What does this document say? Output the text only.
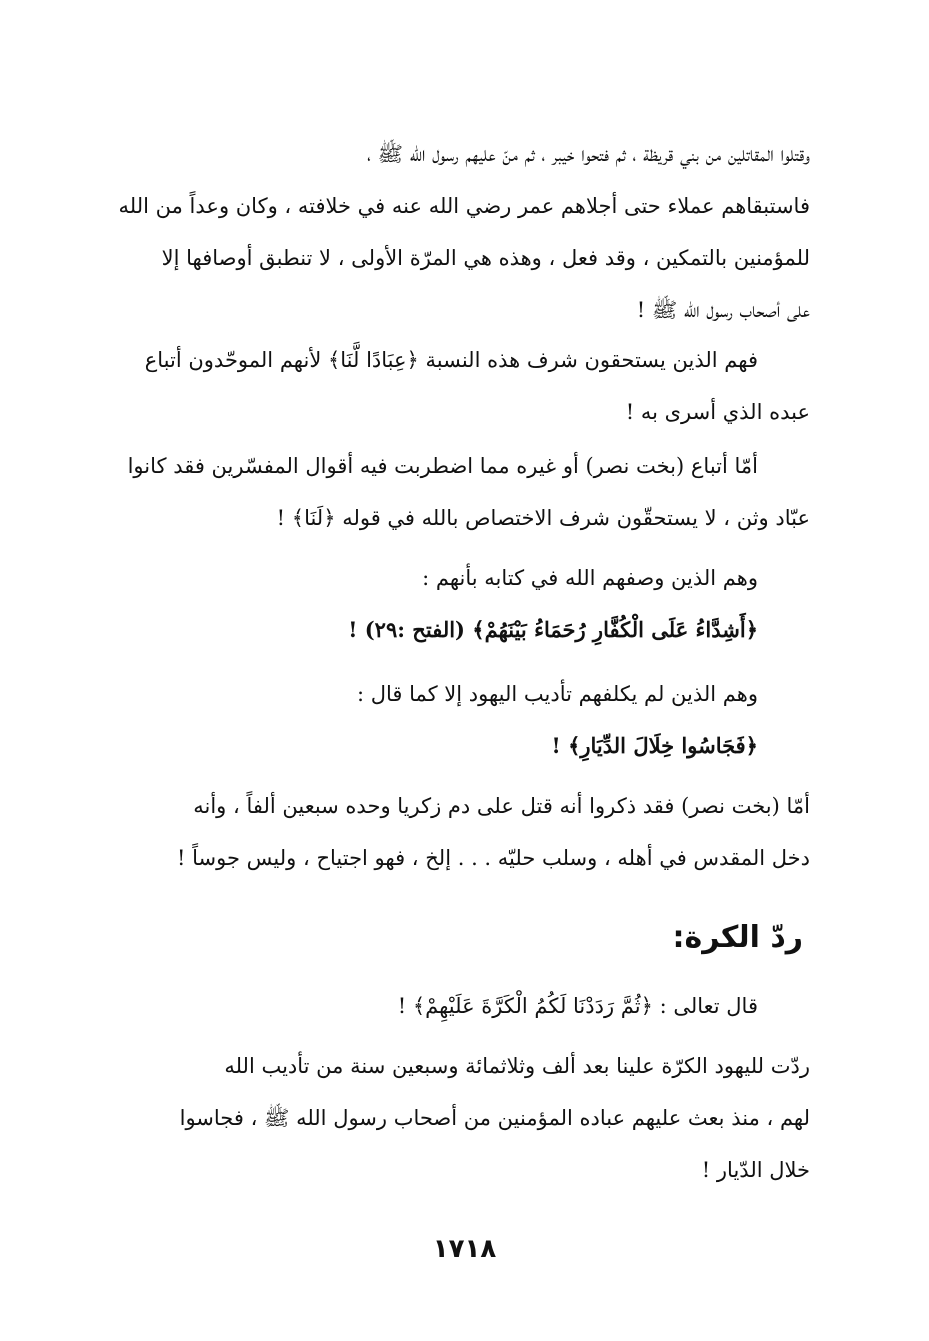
وقتلوا المقاتلين من بني قريظة ، ثم فتحوا خيبر ، ثم منّ عليهم رسول الله ﷺ ،
فاستبقاهم عملاء حتى أجلاهم عمر رضي الله عنه في خلافته ، وكان وعداً من الله
للمؤمنين بالتمكين ، وقد فعل ، وهذه هي المرّة الأولى ، لا تنطبق أوصافها إلا
على أصحاب رسول الله ﷺ !
فهم الذين يستحقون شرف هذه النسبة ﴿عِبَادًا لَّنَا﴾ لأنهم الموحّدون أتباع
عبده الذي أسرى به !
أمّا أتباع (بخت نصر) أو غيره مما اضطربت فيه أقوال المفسّرين فقد كانوا
عبّاد وثن ، لا يستحقّون شرف الاختصاص بالله في قوله ﴿لَنَا﴾ !
وهم الذين وصفهم الله في كتابه بأنهم :
﴿أَشِدَّاءُ عَلَى الْكُفَّارِ رُحَمَاءُ بَيْنَهُمْ﴾ (الفتح :٢٩) !
وهم الذين لم يكلفهم تأديب اليهود إلا كما قال :
﴿فَجَاسُوا خِلَالَ الدِّيَارِ﴾ !
أمّا (بخت نصر) فقد ذكروا أنه قتل على دم زكريا وحده سبعين ألفاً ، وأنه
دخل المقدس في أهله ، وسلب حليّه . . . إلخ ، فهو اجتياح ، وليس جوساً !
ردّ الكرة:
قال تعالى : ﴿ثُمَّ رَدَدْنَا لَكُمُ الْكَرَّةَ عَلَيْهِمْ﴾ !
ردّت لليهود الكرّة علينا بعد ألف وثلاثمائة وسبعين سنة من تأديب الله
لهم ، منذ بعث عليهم عباده المؤمنين من أصحاب رسول الله ﷺ ، فجاسوا
خلال الدّيار !
١٧١٨
